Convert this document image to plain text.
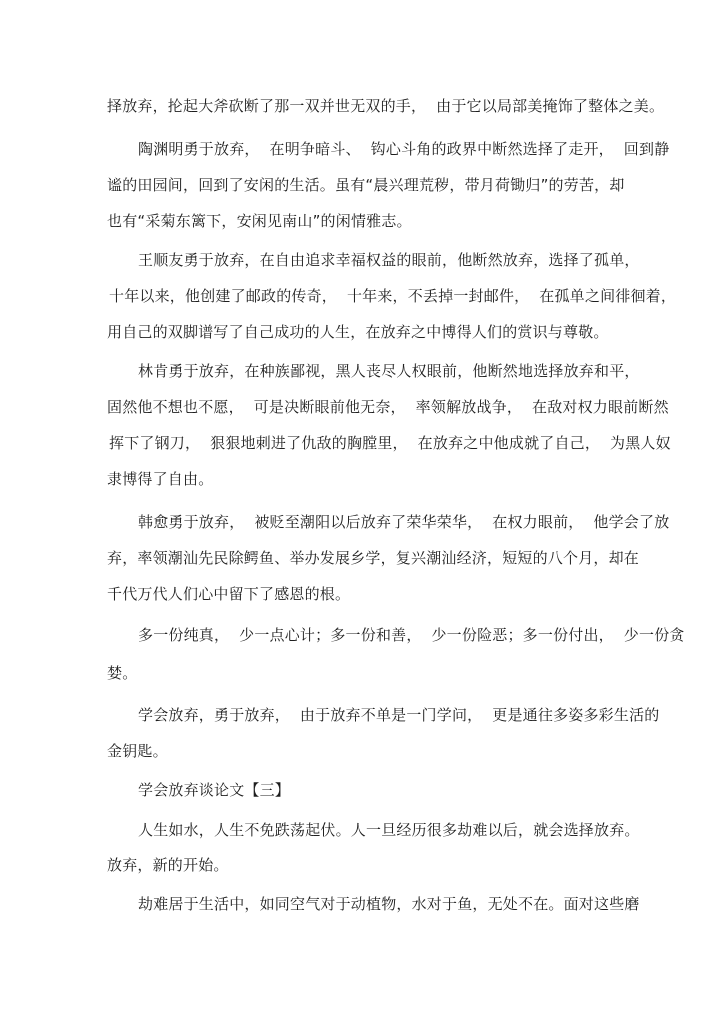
择放弃，抡起大斧砍断了那一双并世无双的手，  由于它以局部美掩饰了整体之美。
陶渊明勇于放弃，  在明争暗斗、  钩心斗角的政界中断然选择了走开，  回到静
谧的田园间，回到了安闲的生活。虽有“晨兴理荒秽，带月荷锄归”的劳苦，却
也有“采菊东篱下，安闲见南山”的闲情雅志。
王顺友勇于放弃，在自由追求幸福权益的眼前，他断然放弃，选择了孤单，
十年以来，他创建了邮政的传奇，  十年来，不丢掉一封邮件，  在孤单之间徘徊着，
用自己的双脚谱写了自己成功的人生，在放弃之中博得人们的赏识与尊敬。
林肯勇于放弃，在种族鄙视，黑人丧尽人权眼前，他断然地选择放弃和平，
固然他不想也不愿，  可是决断眼前他无奈，  率领解放战争，  在敌对权力眼前断然
挥下了钢刀，  狠狠地刺进了仇敌的胸膛里，  在放弃之中他成就了自己，  为黑人奴
隶博得了自由。
韩愈勇于放弃，  被贬至潮阳以后放弃了荣华荣华，  在权力眼前，  他学会了放
弃，率领潮汕先民除鳄鱼、举办发展乡学，复兴潮汕经济，短短的八个月，却在
千代万代人们心中留下了感恩的根。
多一份纯真，  少一点心计；多一份和善，  少一份险恶；多一份付出，  少一份贪
婪。
学会放弃，勇于放弃，  由于放弃不单是一门学问，  更是通往多姿多彩生活的
金钥匙。
学会放弃谈论文【三】
人生如水，人生不免跌荡起伏。人一旦经历很多劫难以后，就会选择放弃。
放弃，新的开始。
劫难居于生活中，如同空气对于动植物，水对于鱼，无处不在。面对这些磨
